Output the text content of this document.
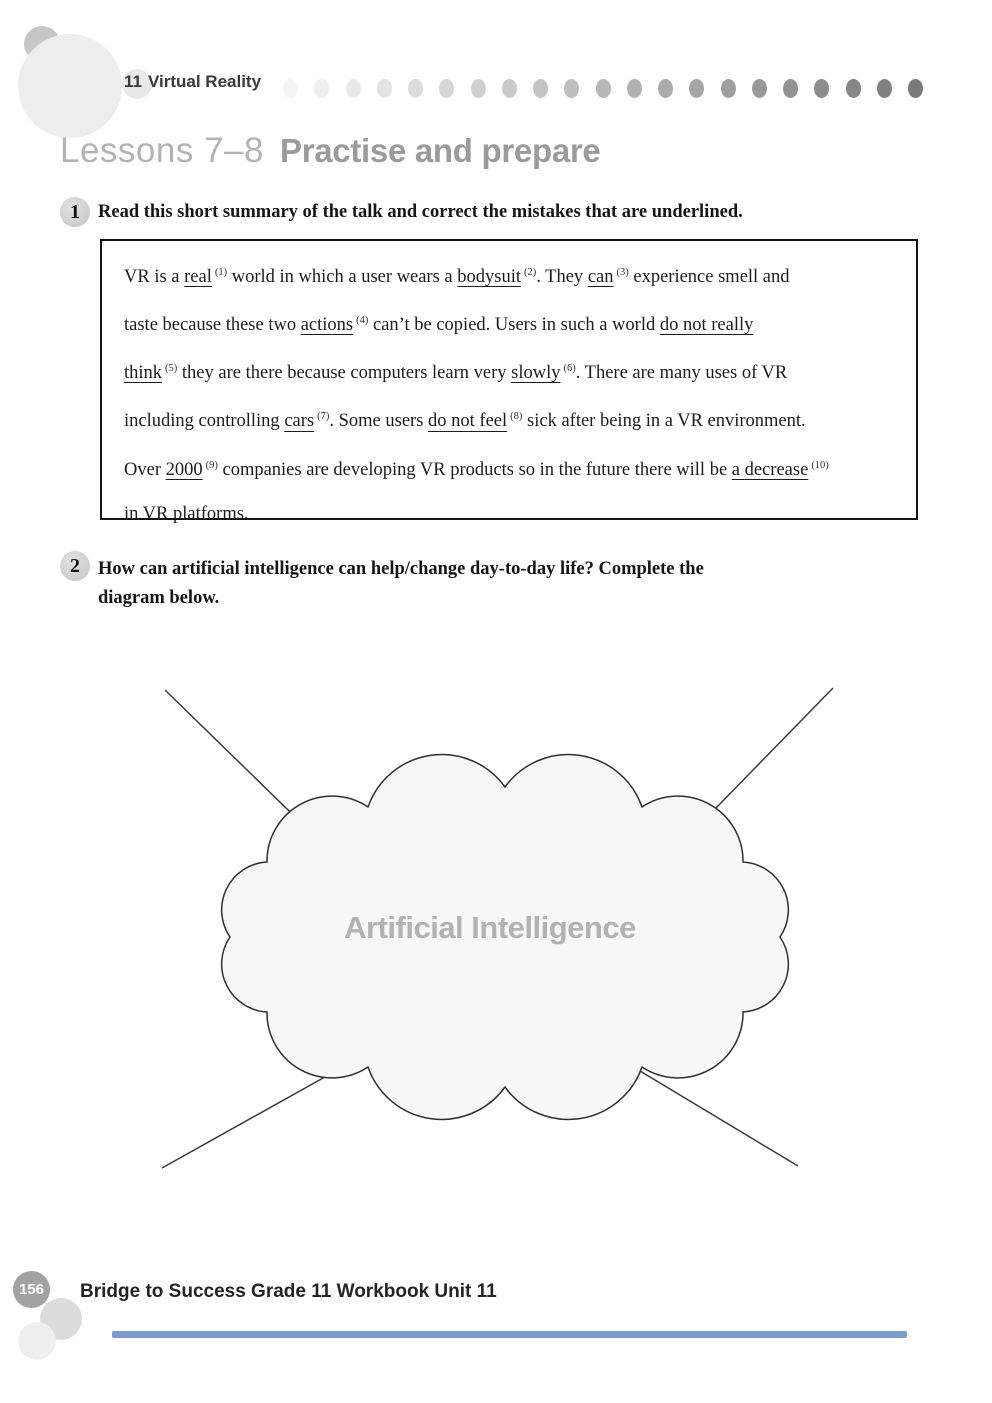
11 Virtual Reality
Lessons 7–8 Practise and prepare
1 Read this short summary of the talk and correct the mistakes that are underlined.
VR is a real $^{(1)}$ world in which a user wears a bodysuit $^{(2)}$. They can $^{(3)}$ experience smell and
taste because these two actions $^{(4)}$ can’t be copied. Users in such a world do not really
think $^{(5)}$ they are there because computers learn very slowly $^{(6)}$. There are many uses of VR
including controlling cars $^{(7)}$. Some users do not feel $^{(8)}$ sick after being in a VR environment.
Over 2000 $^{(9)}$ companies are developing VR products so in the future there will be a decrease $^{(10)}$
in VR platforms.
2 How can artificial intelligence can help/change day-to-day life? Complete the
diagram below.
Artificial Intelligence
156	Bridge to Success Grade 11 Workbook Unit 11
